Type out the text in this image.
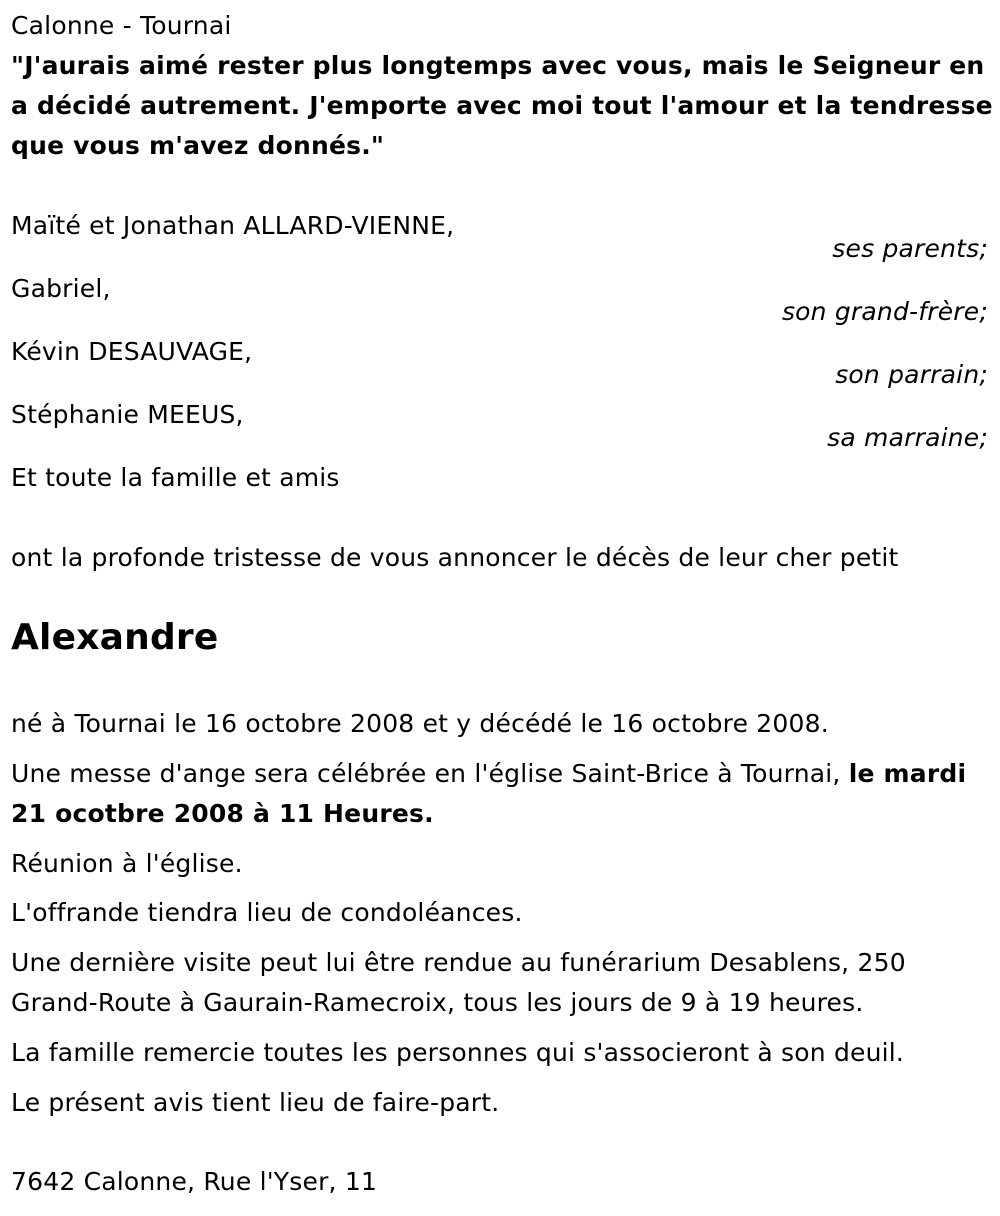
Calonne - Tournai
"J'aurais aimé rester plus longtemps avec vous, mais le Seigneur en a décidé autrement. J'emporte avec moi tout l'amour et la tendresse que vous m'avez donnés."
Maïté et Jonathan ALLARD-VIENNE,
ses parents;
Gabriel,
son grand-frère;
Kévin DESAUVAGE,
son parrain;
Stéphanie MEEUS,
sa marraine;
Et toute la famille et amis
ont la profonde tristesse de vous annoncer le décès de leur cher petit
Alexandre
né à Tournai le 16 octobre 2008 et y décédé le 16 octobre 2008.
Une messe d'ange sera célébrée en l'église Saint-Brice à Tournai, le mardi 21 ocotbre 2008 à 11 Heures.
Réunion à l'église.
L'offrande tiendra lieu de condoléances.
Une dernière visite peut lui être rendue au funérarium Desablens, 250 Grand-Route à Gaurain-Ramecroix, tous les jours de 9 à 19 heures.
La famille remercie toutes les personnes qui s'associeront à son deuil.
Le présent avis tient lieu de faire-part.
7642 Calonne, Rue l'Yser, 11
